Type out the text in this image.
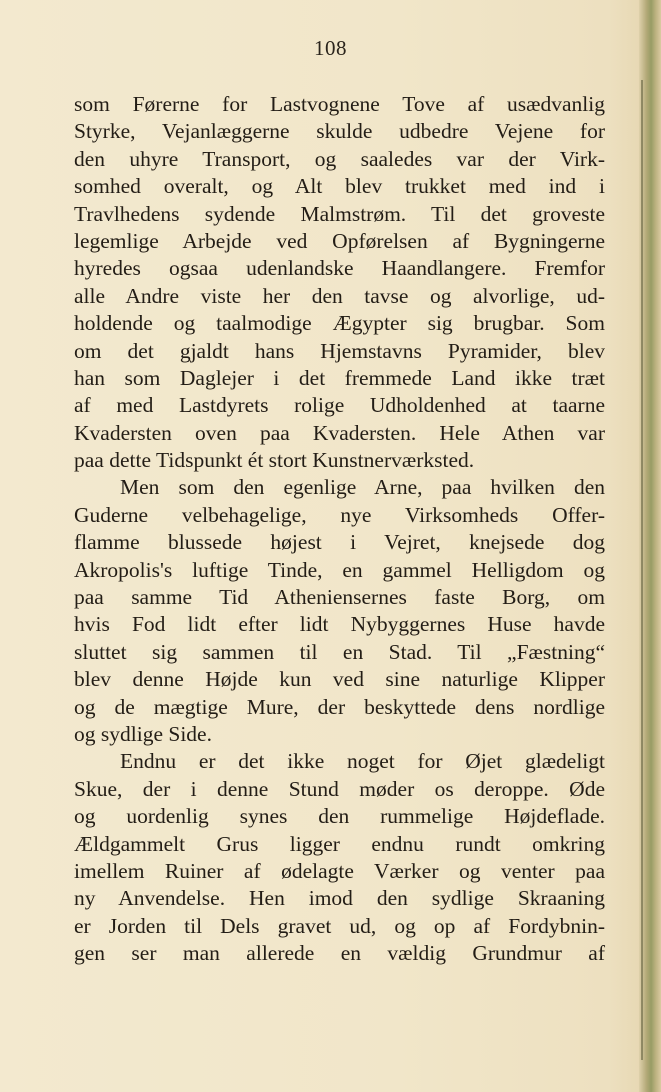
108
som Førerne for Lastvognene Tove af usædvanlig
Styrke, Vejanlæggerne skulde udbedre Vejene for
den uhyre Transport, og saaledes var der Virk-
somhed overalt, og Alt blev trukket med ind i
Travlhedens sydende Malmstrøm. Til det groveste
legemlige Arbejde ved Opførelsen af Bygningerne
hyredes ogsaa udenlandske Haandlangere. Fremfor
alle Andre viste her den tavse og alvorlige, ud-
holdende og taalmodige Ægypter sig brugbar. Som
om det gjaldt hans Hjemstavns Pyramider, blev
han som Daglejer i det fremmede Land ikke træt
af med Lastdyrets rolige Udholdenhed at taarne
Kvadersten oven paa Kvadersten. Hele Athen var
paa dette Tidspunkt ét stort Kunstnerværksted.
Men som den egenlige Arne, paa hvilken den
Guderne velbehagelige, nye Virksomheds Offer-
flamme blussede højest i Vejret, knejsede dog
Akropolis's luftige Tinde, en gammel Helligdom og
paa samme Tid Atheniensernes faste Borg, om
hvis Fod lidt efter lidt Nybyggernes Huse havde
sluttet sig sammen til en Stad. Til „Fæstning“
blev denne Højde kun ved sine naturlige Klipper
og de mægtige Mure, der beskyttede dens nordlige
og sydlige Side.
Endnu er det ikke noget for Øjet glædeligt
Skue, der i denne Stund møder os deroppe. Øde
og uordenlig synes den rummelige Højdeflade.
Ældgammelt Grus ligger endnu rundt omkring
imellem Ruiner af ødelagte Værker og venter paa
ny Anvendelse. Hen imod den sydlige Skraaning
er Jorden til Dels gravet ud, og op af Fordybnin-
gen ser man allerede en vældig Grundmur af
